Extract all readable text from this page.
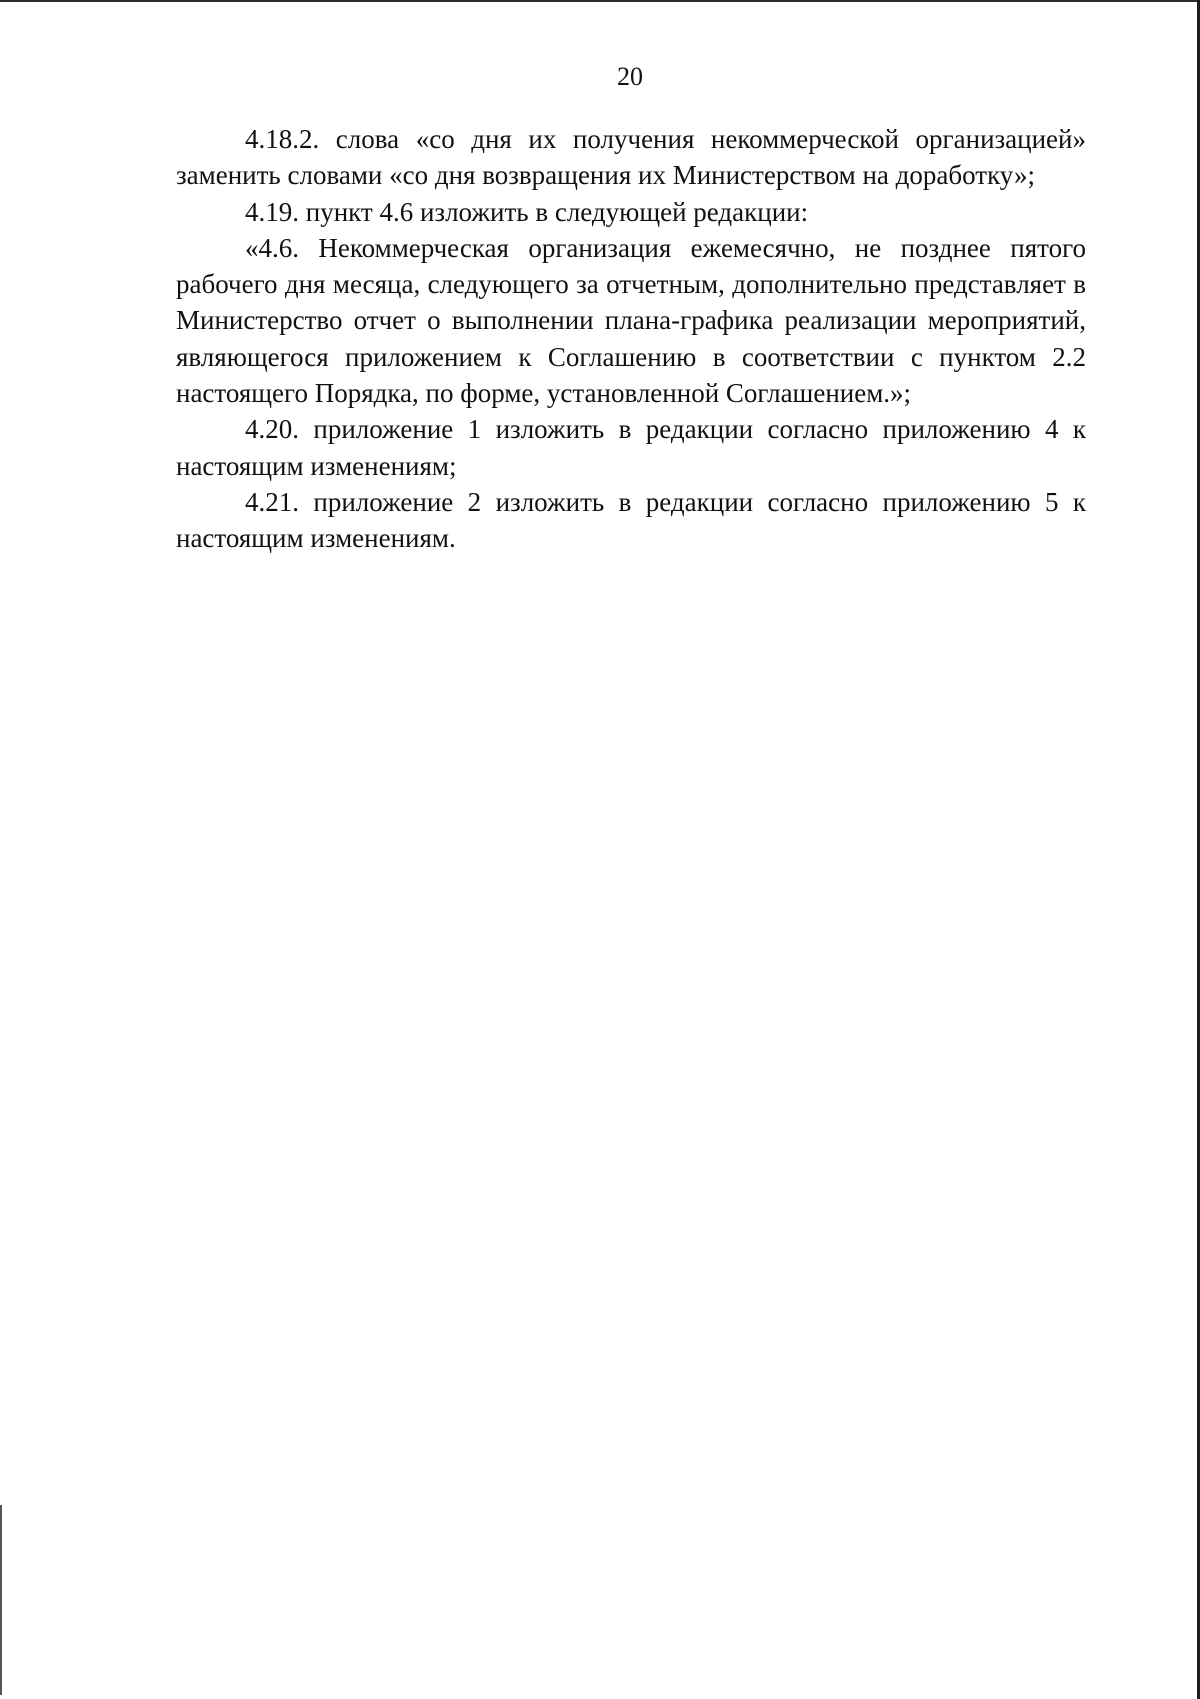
20

4.18.2. слова «со дня их получения некоммерческой организацией» заменить словами «со дня возвращения их Министерством на доработку»;

4.19. пункт 4.6 изложить в следующей редакции:

«4.6. Некоммерческая организация ежемесячно, не позднее пятого рабочего дня месяца, следующего за отчетным, дополнительно представляет в Министерство отчет о выполнении плана-графика реализации мероприятий, являющегося приложением к Соглашению в соответствии с пунктом 2.2 настоящего Порядка, по форме, установленной Соглашением.»;

4.20. приложение 1 изложить в редакции согласно приложению 4 к настоящим изменениям;

4.21. приложение 2 изложить в редакции согласно приложению 5 к настоящим изменениям.
